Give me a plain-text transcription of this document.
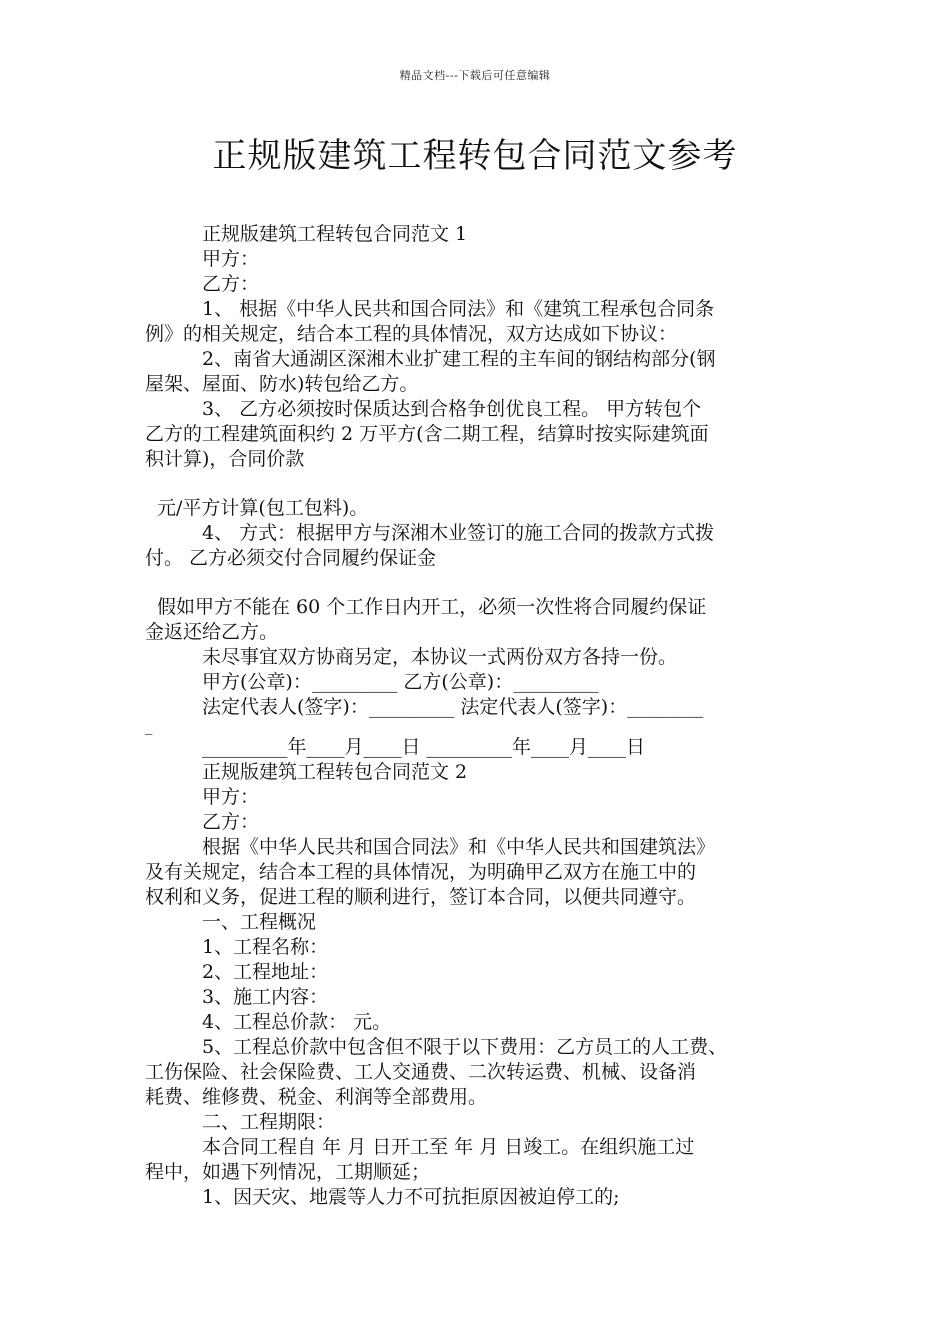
精品文档---下载后可任意编辑
正规版建筑工程转包合同范文参考
正规版建筑工程转包合同范文 1
甲方：
乙方：
1、 根据《中华人民共和国合同法》和《建筑工程承包合同条
例》的相关规定，结合本工程的具体情况，双方达成如下协议：
2、南省大通湖区深湘木业扩建工程的主车间的钢结构部分(钢
屋架、屋面、防水)转包给乙方。
3、 乙方必须按时保质达到合格争创优良工程。 甲方转包个
乙方的工程建筑面积约 2 万平方(含二期工程，结算时按实际建筑面
积计算)，合同价款
元/平方计算(包工包料)。
4、 方式：根据甲方与深湘木业签订的施工合同的拨款方式拨
付。 乙方必须交付合同履约保证金
假如甲方不能在 60 个工作日内开工，必须一次性将合同履约保证
金返还给乙方。
未尽事宜双方协商另定，本协议一式两份双方各持一份。
甲方(公章)：_________ 乙方(公章)：_________
法定代表人(签字)：_________ 法定代表人(签字)：________
_
_________年____月____日 _________年____月____日
正规版建筑工程转包合同范文 2
甲方：
乙方：
根据《中华人民共和国合同法》和《中华人民共和国建筑法》
及有关规定，结合本工程的具体情况，为明确甲乙双方在施工中的
权利和义务，促进工程的顺利进行，签订本合同，以便共同遵守。
一、工程概况
1、工程名称：
2、工程地址：
3、施工内容：
4、工程总价款： 元。
5、工程总价款中包含但不限于以下费用：乙方员工的人工费、
工伤保险、社会保险费、工人交通费、二次转运费、机械、设备消
耗费、维修费、税金、利润等全部费用。
二、工程期限：
本合同工程自 年 月 日开工至 年 月 日竣工。在组织施工过
程中，如遇下列情况，工期顺延；
1、因天灾、地震等人力不可抗拒原因被迫停工的;
